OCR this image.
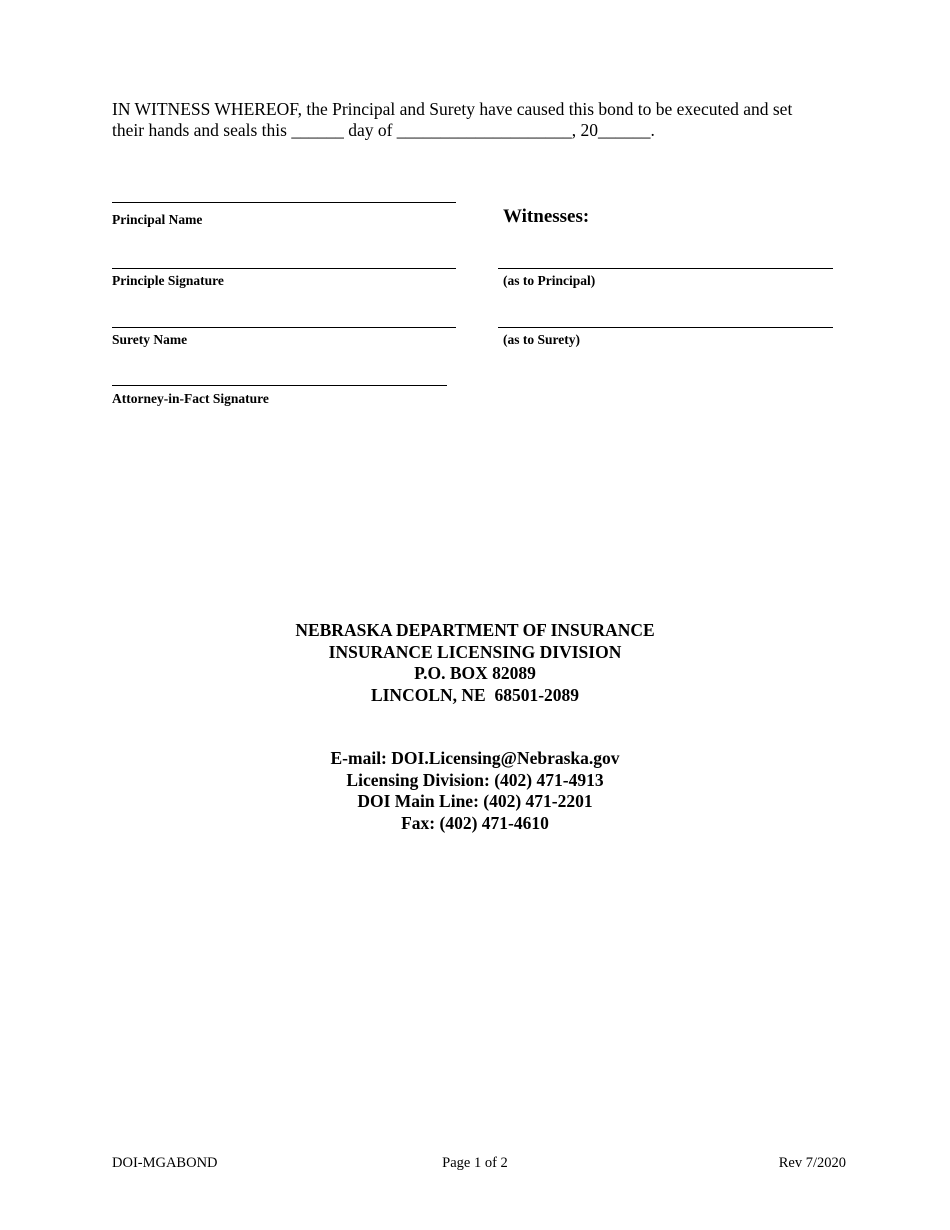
IN WITNESS WHEREOF, the Principal and Surety have caused this bond to be executed and set
their hands and seals this ______ day of ____________________, 20______.
Principal Name
Principle Signature
Surety Name
Attorney-in-Fact Signature
Witnesses:
(as to Principal)
(as to Surety)
NEBRASKA DEPARTMENT OF INSURANCE
INSURANCE LICENSING DIVISION
P.O. BOX 82089
LINCOLN, NE  68501-2089
E-mail: DOI.Licensing@Nebraska.gov
Licensing Division: (402) 471-4913
DOI Main Line: (402) 471-2201
Fax: (402) 471-4610
DOI-MGABOND	Page 1 of 2	Rev 7/2020
